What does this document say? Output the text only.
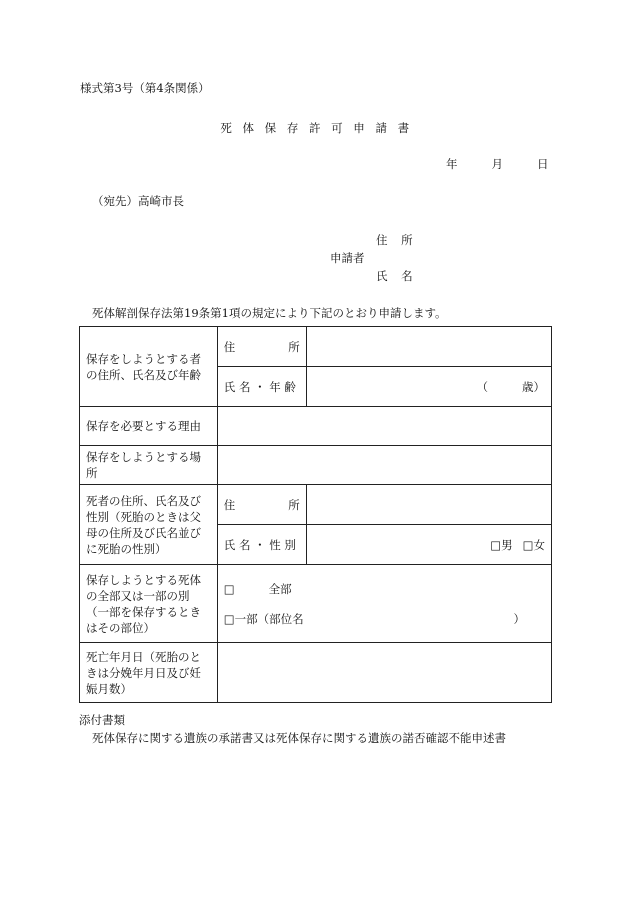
様式第3号（第4条関係）
死 体 保 存 許 可 申 請 書
年	月	日
（宛先）高崎市長
住 所
申請者
氏 名
死体解剖保存法第19条第1項の規定により下記のとおり申請します。
保存をしようとする者の住所、氏名及び年齢	住 所	

	氏 名 ・ 年 齢	（ 歳）
保存を必要とする理由		
保存をしようとする場所		
死者の住所、氏名及び性別（死胎のときは父母の住所及び氏名並びに死胎の性別）	住 所	

	氏 名 ・ 性 別	□男 □女
保存しようとする死体の全部又は一部の別（一部を保存するときはその部位）	□ 全部
□一部（部位名 ）	

死亡年月日（死胎のときは分娩年月日及び妊娠月数）		
添付書類
死体保存に関する遺族の承諾書又は死体保存に関する遺族の諾否確認不能申述書
